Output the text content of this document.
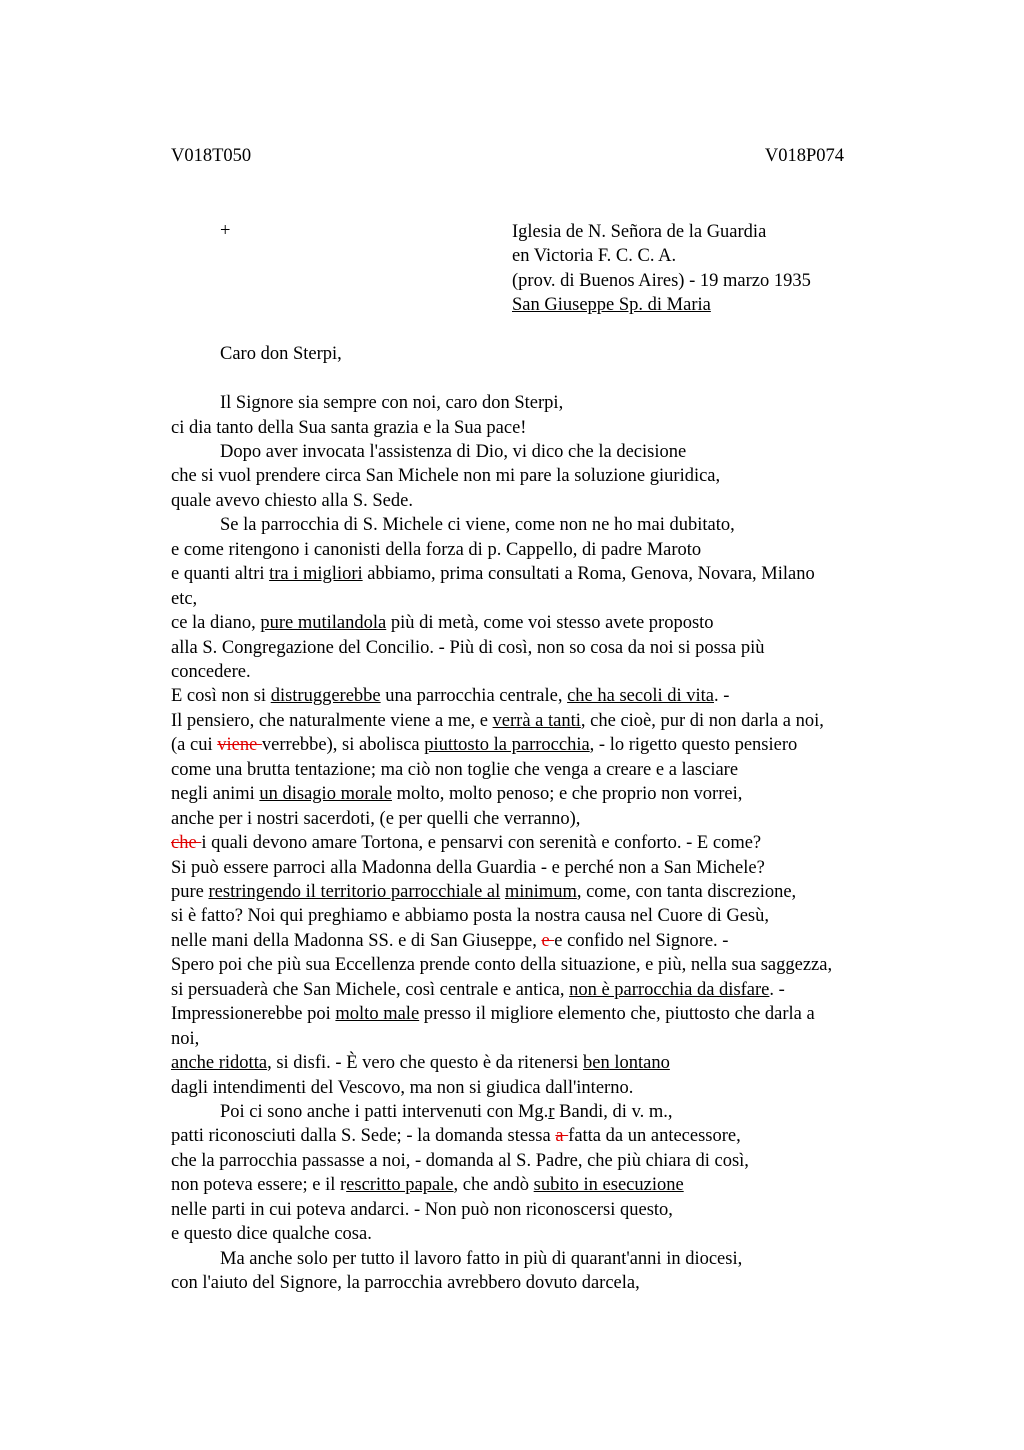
V018T050	V018P074
+	Iglesia de N. Señora de la Guardia
en Victoria F. C. C. A.
(prov. di Buenos Aires) - 19 marzo 1935
San Giuseppe Sp. di Maria
Caro don Sterpi,
Il Signore sia sempre con noi, caro don Sterpi,
ci dia tanto della Sua santa grazia e la Sua pace!
Dopo aver invocata l'assistenza di Dio, vi dico che la decisione
che si vuol prendere circa San Michele non mi pare la soluzione giuridica,
quale avevo chiesto alla S. Sede.
Se la parrocchia di S. Michele ci viene, come non ne ho mai dubitato,
e come ritengono i canonisti della forza di p. Cappello, di padre Maroto
e quanti altri tra i migliori abbiamo, prima consultati a Roma, Genova, Novara, Milano
etc,
ce la diano, pure mutilandola più di metà, come voi stesso avete proposto
alla S. Congregazione del Concilio. - Più di così, non so cosa da noi si possa più
concedere.
E così non si distruggerebbe una parrocchia centrale, che ha secoli di vita. -
Il pensiero, che naturalmente viene a me, e verrà a tanti, che cioè, pur di non darla a noi,
(a cui viene verrebbe), si abolisca piuttosto la parrocchia, - lo rigetto questo pensiero
come una brutta tentazione; ma ciò non toglie che venga a creare e a lasciare
negli animi un disagio morale molto, molto penoso; e che proprio non vorrei,
anche per i nostri sacerdoti, (e per quelli che verranno),
che i quali devono amare Tortona, e pensarvi con serenità e conforto. - E come?
Si può essere parroci alla Madonna della Guardia - e perché non a San Michele?
pure restringendo il territorio parrocchiale al minimum, come, con tanta discrezione,
si è fatto? Noi qui preghiamo e abbiamo posta la nostra causa nel Cuore di Gesù,
nelle mani della Madonna SS. e di San Giuseppe, e e confido nel Signore. -
Spero poi che più sua Eccellenza prende conto della situazione, e più, nella sua saggezza,
si persuaderà che San Michele, così centrale e antica, non è parrocchia da disfare. -
Impressionerebbe poi molto male presso il migliore elemento che, piuttosto che darla a
noi,
anche ridotta, si disfi. - È vero che questo è da ritenersi ben lontano
dagli intendimenti del Vescovo, ma non si giudica dall'interno.
Poi ci sono anche i patti intervenuti con Mg.r Bandi, di v. m.,
patti riconosciuti dalla S. Sede; - la domanda stessa a fatta da un antecessore,
che la parrocchia passasse a noi, - domanda al S. Padre, che più chiara di così,
non poteva essere; e il rescritto papale, che andò subito in esecuzione
nelle parti in cui poteva andarci. - Non può non riconoscersi questo,
e questo dice qualche cosa.
Ma anche solo per tutto il lavoro fatto in più di quarant'anni in diocesi,
con l'aiuto del Signore, la parrocchia avrebbero dovuto darcela,
